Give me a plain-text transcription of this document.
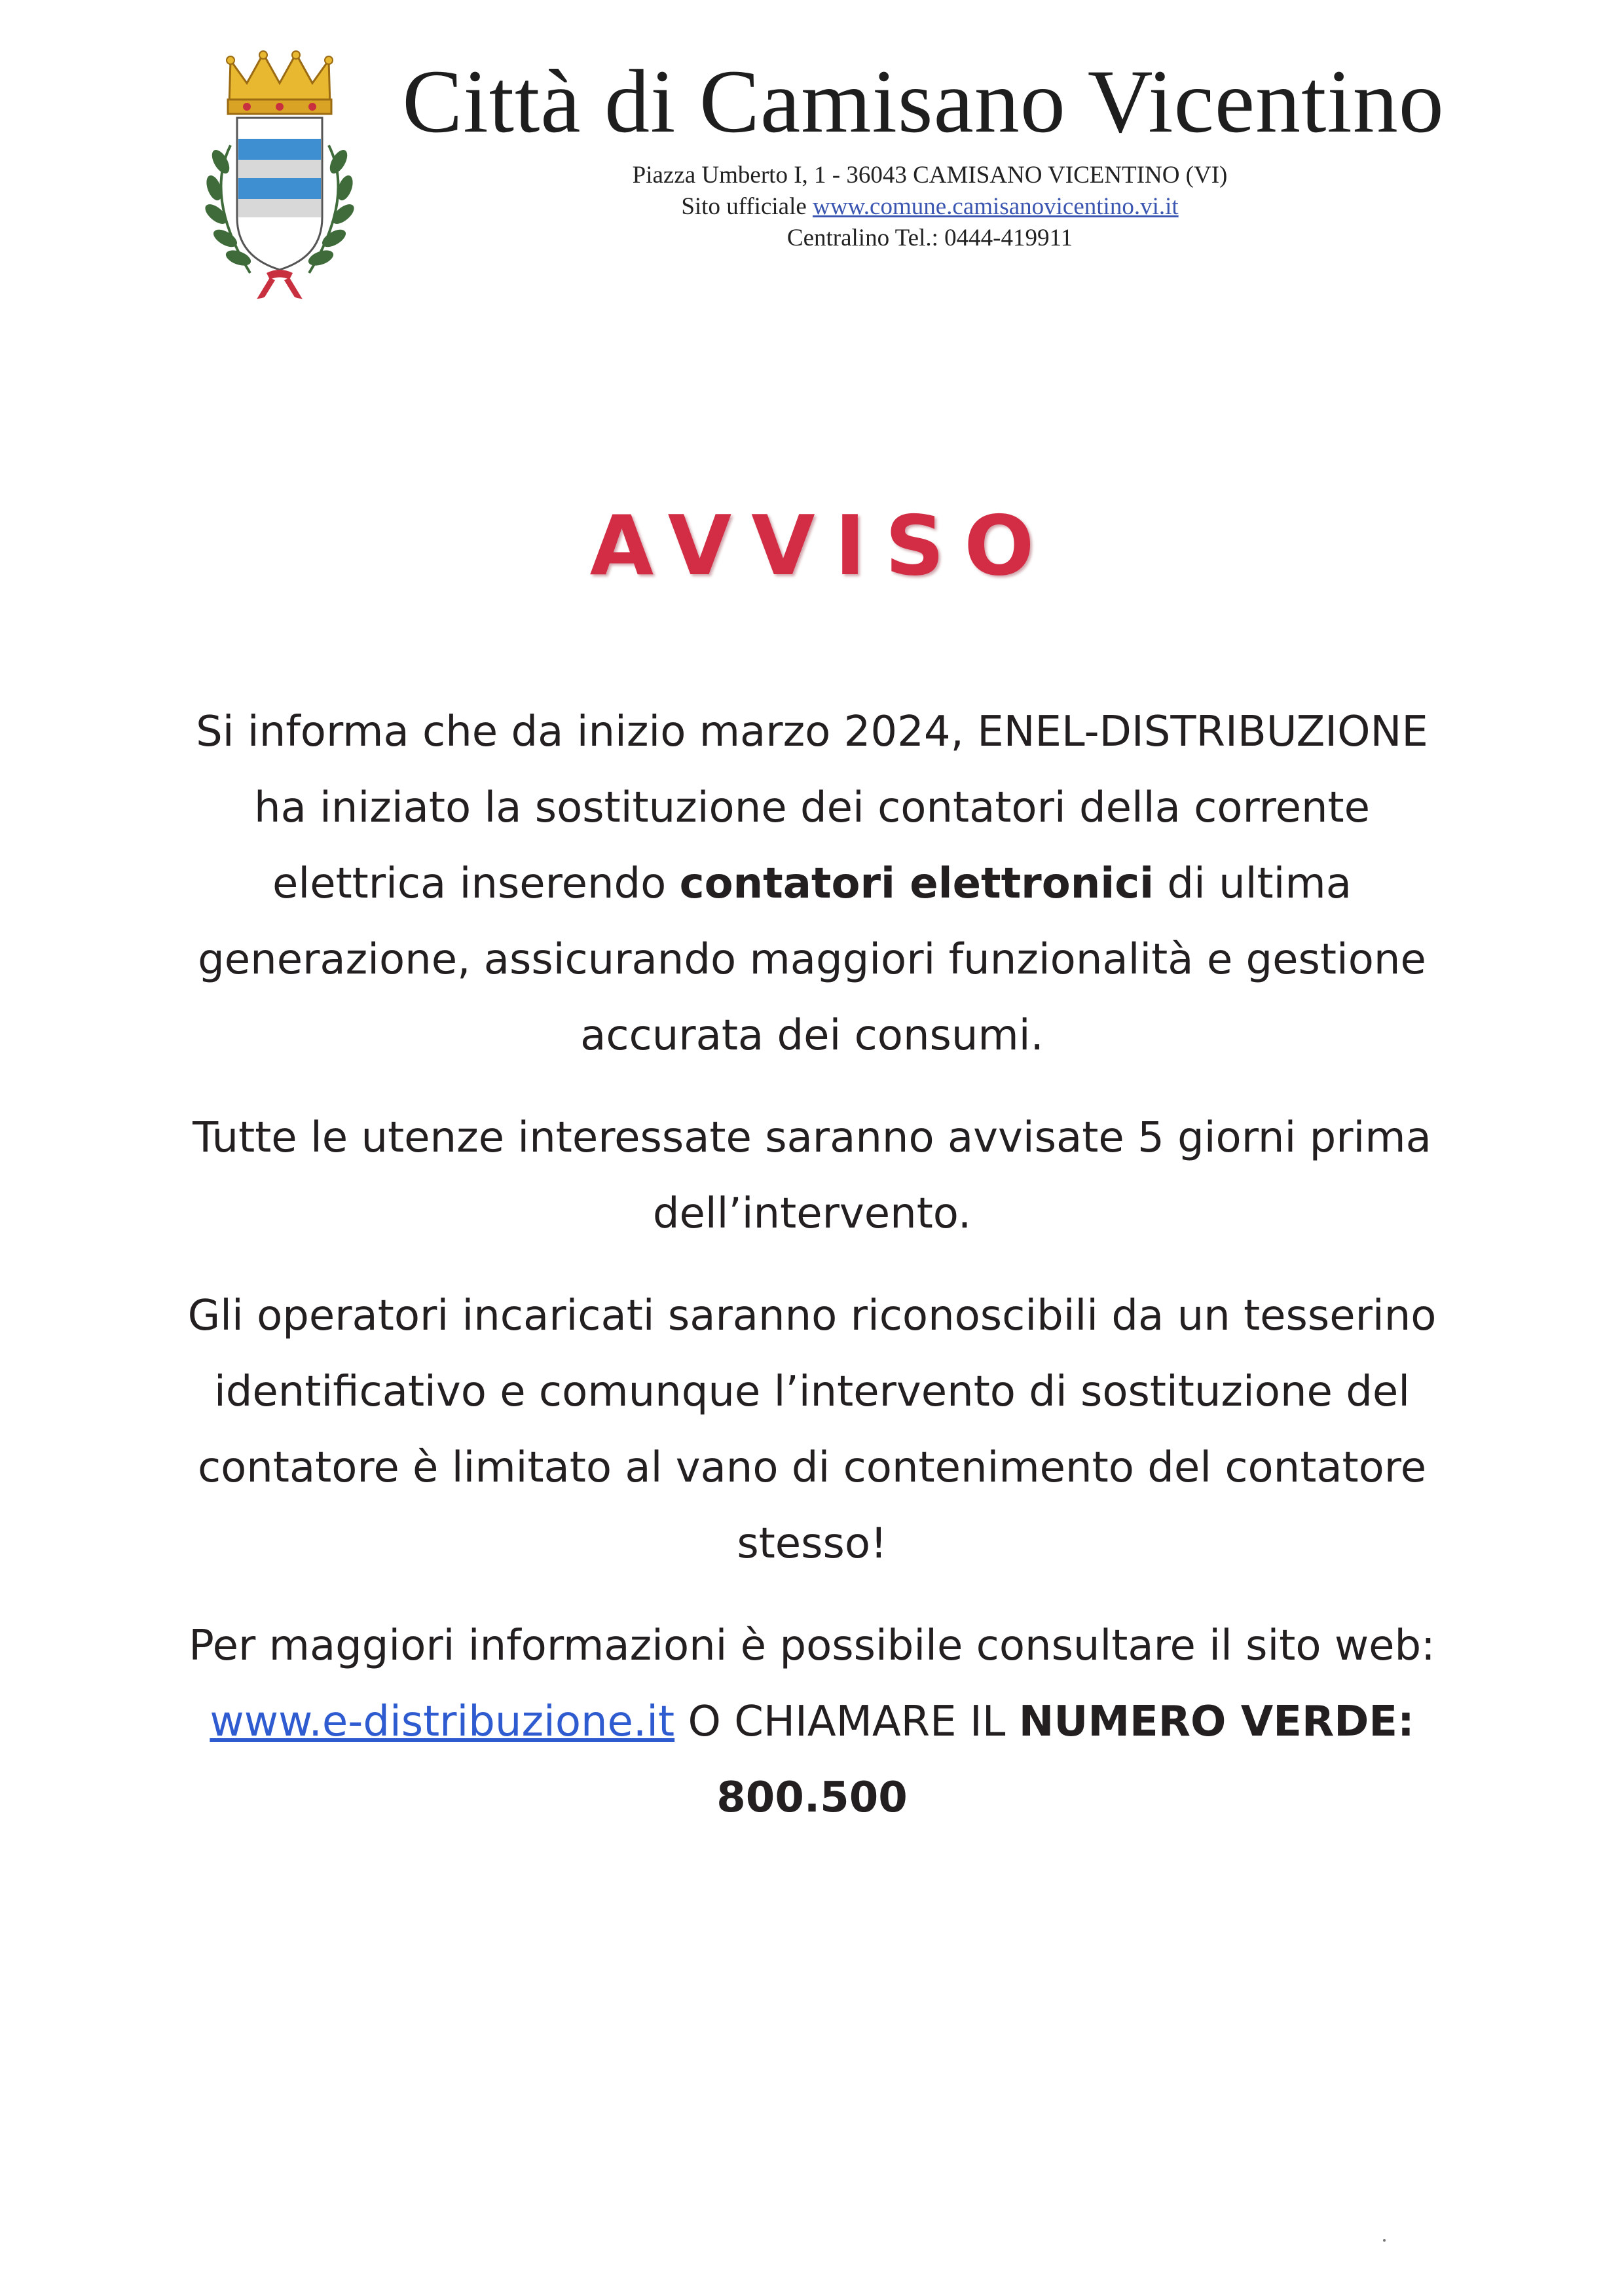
Città di Camisano Vicentino
Piazza Umberto I, 1 - 36043 CAMISANO VICENTINO (VI)
Sito ufficiale www.comune.camisanovicentino.vi.it
Centralino Tel.: 0444-419911
AVVISO

Si informa che da inizio marzo 2024, ENEL-DISTRIBUZIONE ha iniziato la sostituzione dei contatori della corrente elettrica inserendo contatori elettronici di ultima generazione, assicurando maggiori funzionalità e gestione accurata dei consumi.

Tutte le utenze interessate saranno avvisate 5 giorni prima dell’intervento.

Gli operatori incaricati saranno riconoscibili da un tesserino identificativo e comunque l’intervento di sostituzione del contatore è limitato al vano di contenimento del contatore stesso!

Per maggiori informazioni è possibile consultare il sito web: www.e-distribuzione.it O CHIAMARE IL NUMERO VERDE: 800.500
